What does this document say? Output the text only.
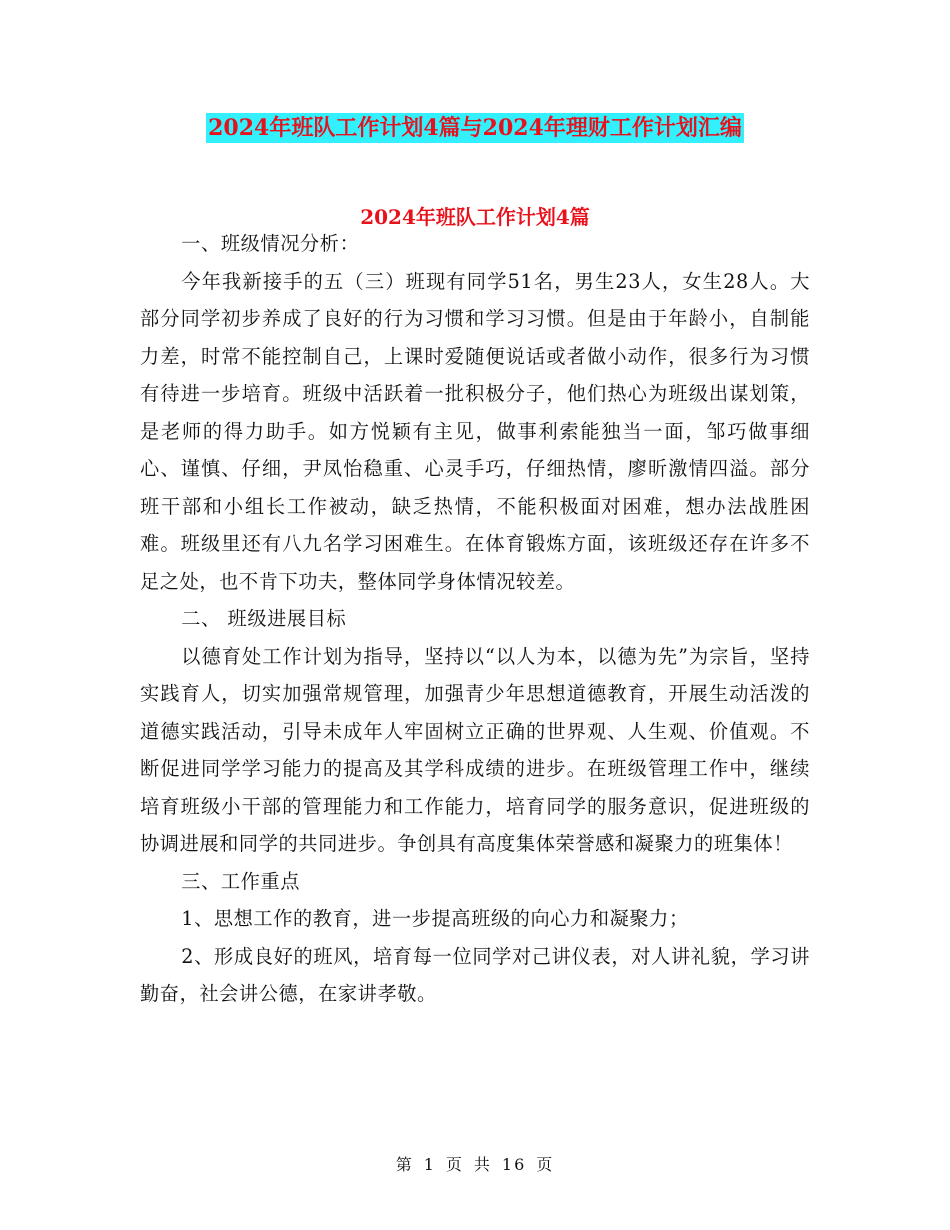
2024年班队工作计划4篇与2024年理财工作计划汇编
2024年班队工作计划4篇

一、班级情况分析：

今年我新接手的五（三）班现有同学51名，男生23人，女生28人。大部分同学初步养成了良好的行为习惯和学习习惯。但是由于年龄小，自制能力差，时常不能控制自己，上课时爱随便说话或者做小动作，很多行为习惯有待进一步培育。班级中活跃着一批积极分子，他们热心为班级出谋划策，是老师的得力助手。如方悦颖有主见，做事利索能独当一面，邹巧做事细心、谨慎、仔细，尹凤怡稳重、心灵手巧，仔细热情，廖昕激情四溢。部分班干部和小组长工作被动，缺乏热情，不能积极面对困难，想办法战胜困难。班级里还有八九名学习困难生。在体育锻炼方面，该班级还存在许多不足之处，也不肯下功夫，整体同学身体情况较差。

二、 班级进展目标

以德育处工作计划为指导，坚持以“以人为本，以德为先”为宗旨，坚持实践育人，切实加强常规管理，加强青少年思想道德教育，开展生动活泼的道德实践活动，引导未成年人牢固树立正确的世界观、人生观、价值观。不断促进同学学习能力的提高及其学科成绩的进步。在班级管理工作中，继续培育班级小干部的管理能力和工作能力，培育同学的服务意识，促进班级的协调进展和同学的共同进步。争创具有高度集体荣誉感和凝聚力的班集体！

三、工作重点

1、思想工作的教育，进一步提高班级的向心力和凝聚力；

2、形成良好的班风，培育每一位同学对己讲仪表，对人讲礼貌，学习讲勤奋，社会讲公德，在家讲孝敬。

第 1 页 共 16 页
